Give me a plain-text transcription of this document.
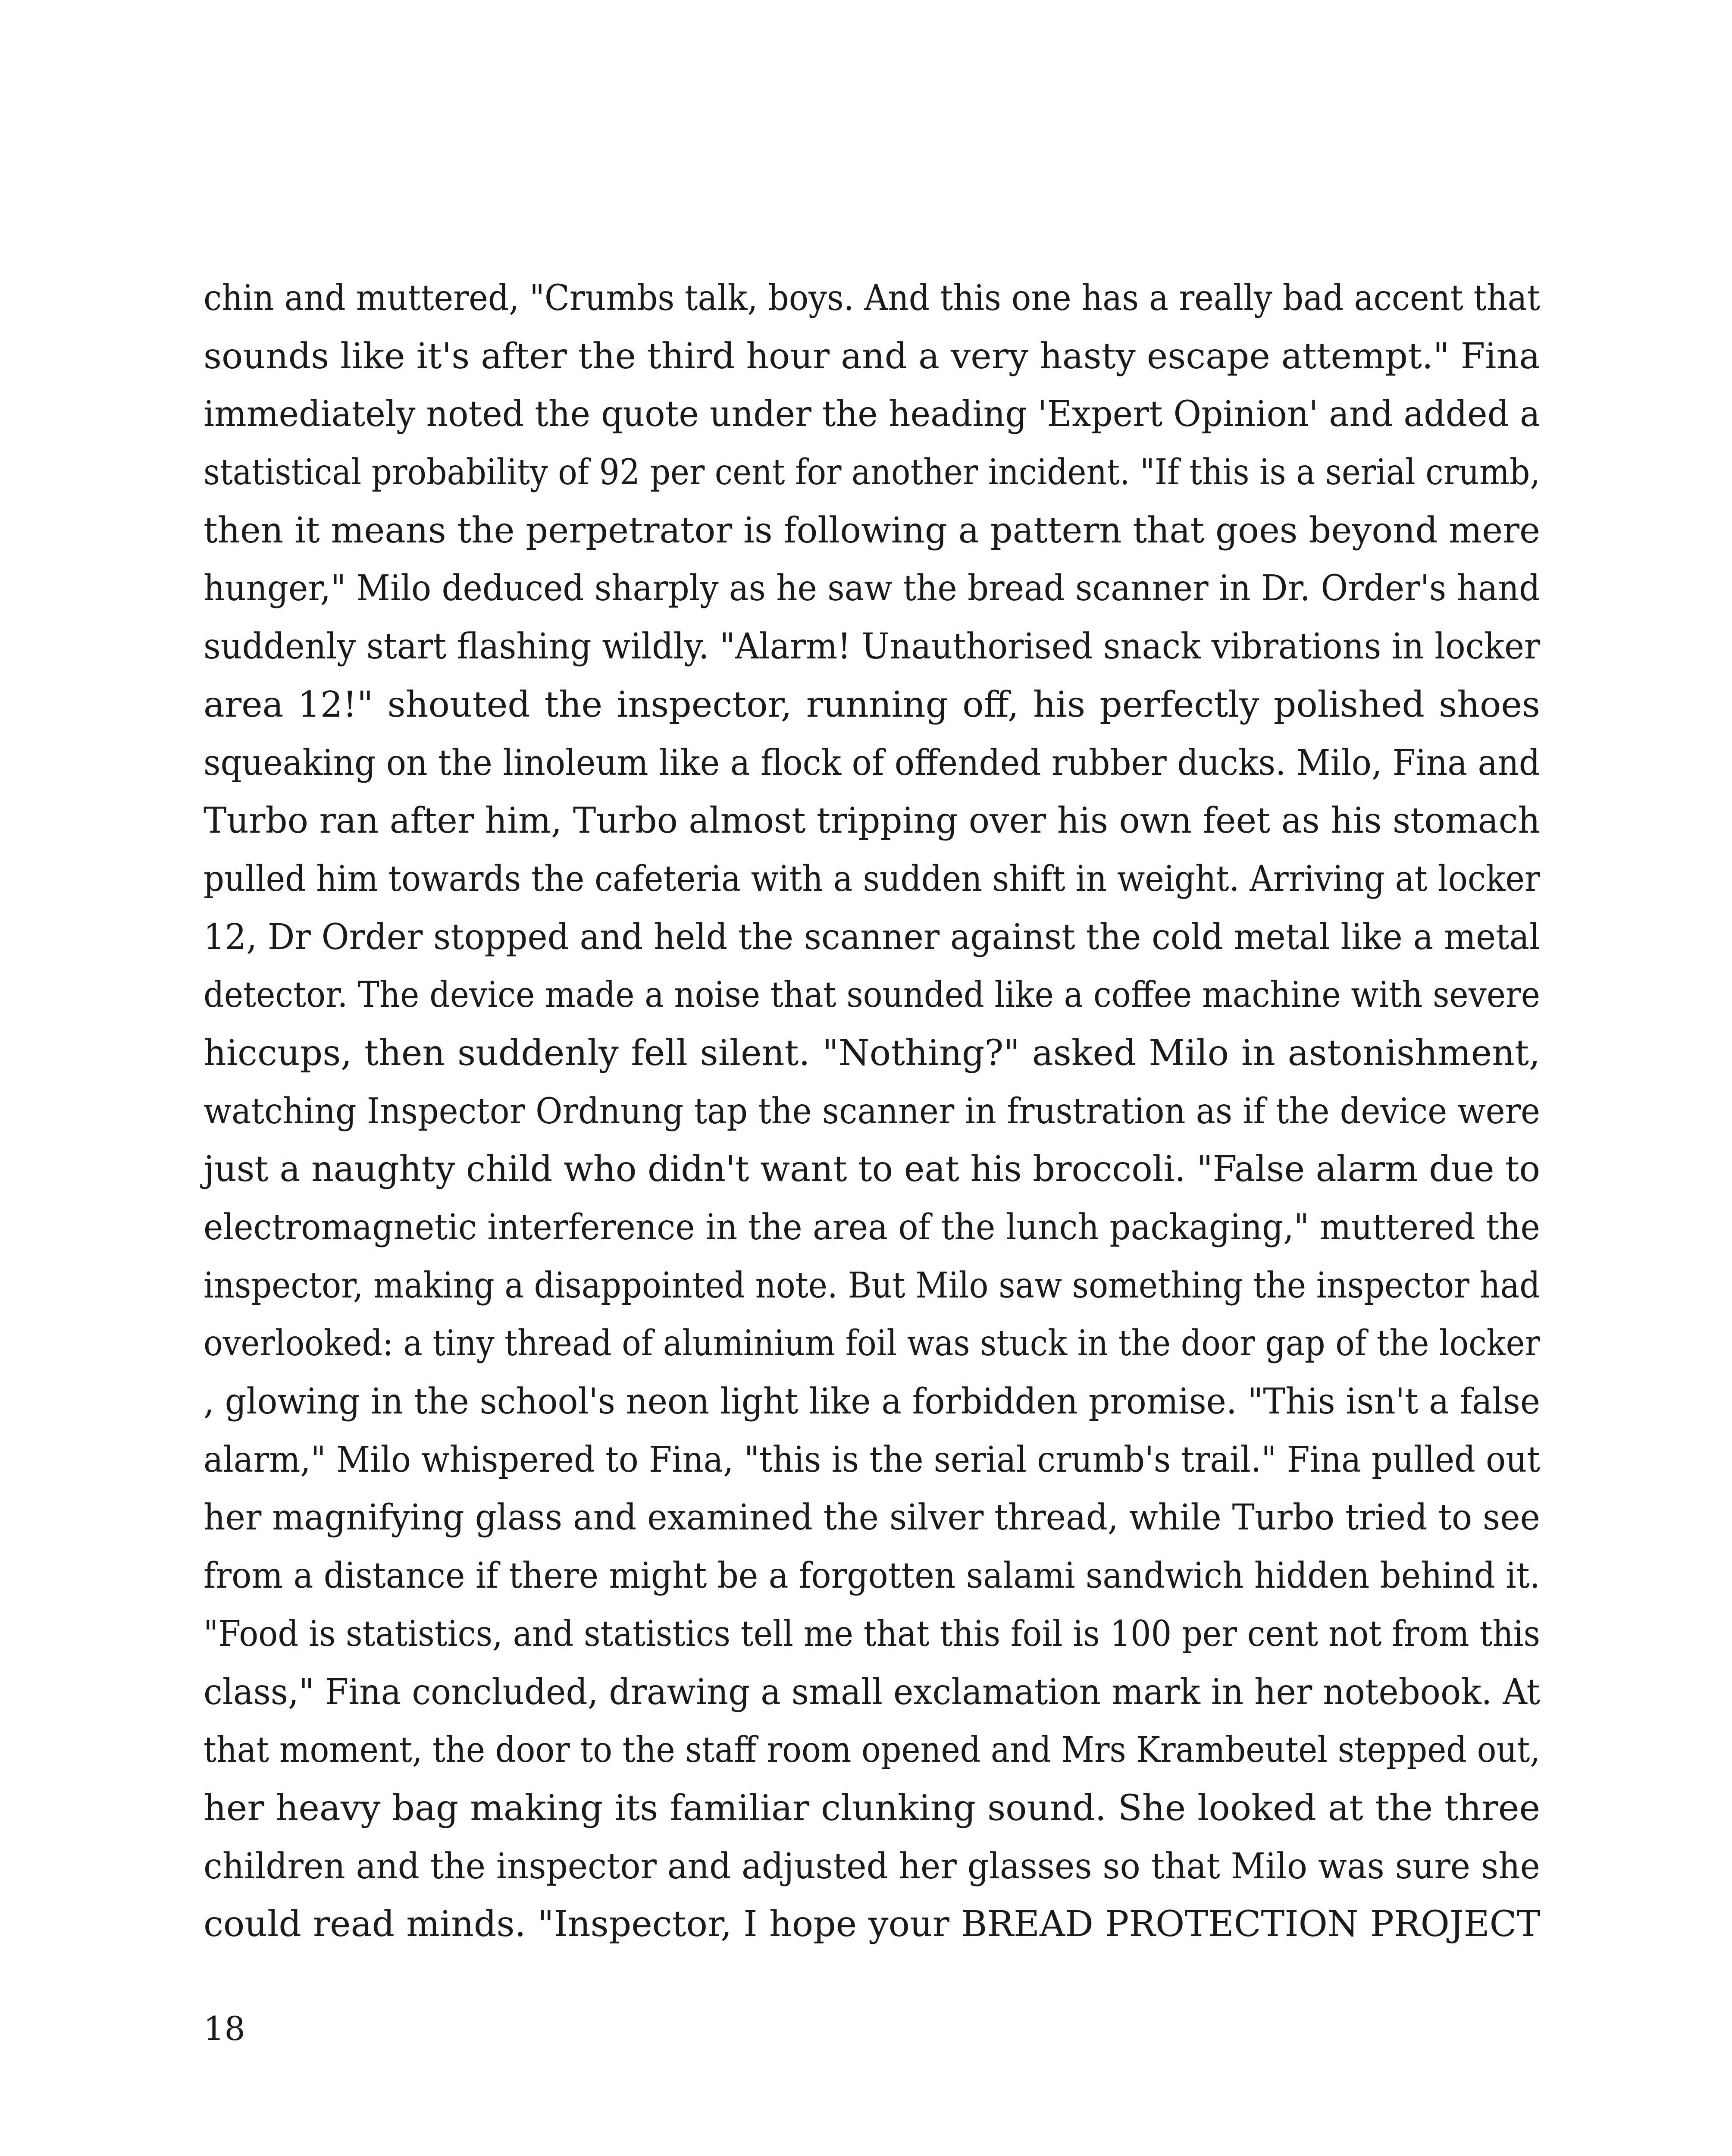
chin and muttered, "Crumbs talk, boys. And this one has a really bad accent that
sounds like it's after the third hour and a very hasty escape attempt." Fina
immediately noted the quote under the heading 'Expert Opinion' and added a
statistical probability of 92 per cent for another incident. "If this is a serial crumb,
then it means the perpetrator is following a pattern that goes beyond mere
hunger," Milo deduced sharply as he saw the bread scanner in Dr. Order's hand
suddenly start flashing wildly. "Alarm! Unauthorised snack vibrations in locker
area 12!" shouted the inspector, running off, his perfectly polished shoes
squeaking on the linoleum like a flock of offended rubber ducks. Milo, Fina and
Turbo ran after him, Turbo almost tripping over his own feet as his stomach
pulled him towards the cafeteria with a sudden shift in weight. Arriving at locker
12, Dr Order stopped and held the scanner against the cold metal like a metal
detector. The device made a noise that sounded like a coffee machine with severe
hiccups, then suddenly fell silent. "Nothing?" asked Milo in astonishment,
watching Inspector Ordnung tap the scanner in frustration as if the device were
just a naughty child who didn't want to eat his broccoli. "False alarm due to
electromagnetic interference in the area of the lunch packaging," muttered the
inspector, making a disappointed note. But Milo saw something the inspector had
overlooked: a tiny thread of aluminium foil was stuck in the door gap of the locker
, glowing in the school's neon light like a forbidden promise. "This isn't a false
alarm," Milo whispered to Fina, "this is the serial crumb's trail." Fina pulled out
her magnifying glass and examined the silver thread, while Turbo tried to see
from a distance if there might be a forgotten salami sandwich hidden behind it.
"Food is statistics, and statistics tell me that this foil is 100 per cent not from this
class," Fina concluded, drawing a small exclamation mark in her notebook. At
that moment, the door to the staff room opened and Mrs Krambeutel stepped out,
her heavy bag making its familiar clunking sound. She looked at the three
children and the inspector and adjusted her glasses so that Milo was sure she
could read minds. "Inspector, I hope your BREAD PROTECTION PROJECT

18
